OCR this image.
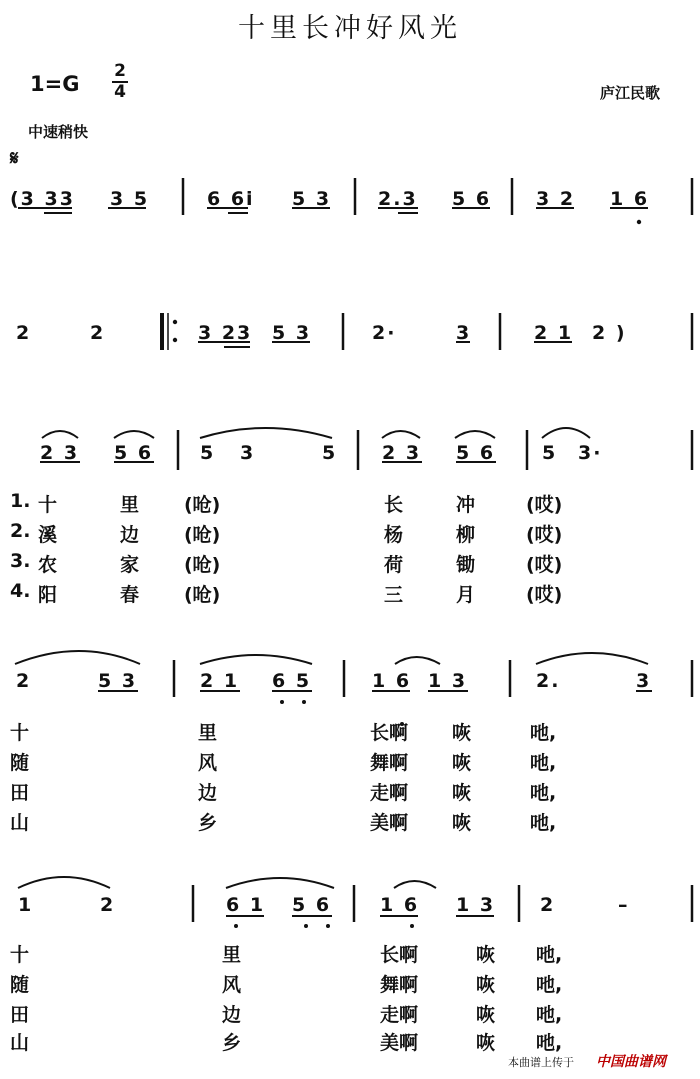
十里长冲好风光
1=G
2
4	庐江民歌
中速稍快
𝄋
(3 33 3 5	6 6i 5 3 2.3 5 6 3 2 1 6
2	2	3 23 5 3	2·	3	2 1 2 )
2 3 5 6 5 3	5 2 3 5 6 5 3·
1. 十	里 (呛)	长	冲	(哎)
2. 溪	边 (呛)	杨	柳	(哎)
3. 农	家 (呛)	荷	锄	(哎)
4. 阳	春 (呛)	三	月	(哎)
2	5 3	2 1 6 5	1 6 1 3	2.	3
十	里	长啊 咴	吔,
随	风	舞啊 咴	吔,
田	边	走啊 咴	吔,
山	乡	美啊 咴	吔,
1	2	6 1 5 6	1 6 1 3 2	–
十	里	长啊	咴 吔,
随	风	舞啊	咴 吔,
田	边	走啊	咴 吔,
山	乡	美啊	咴 吔,
本曲谱上传于 中国曲谱网
